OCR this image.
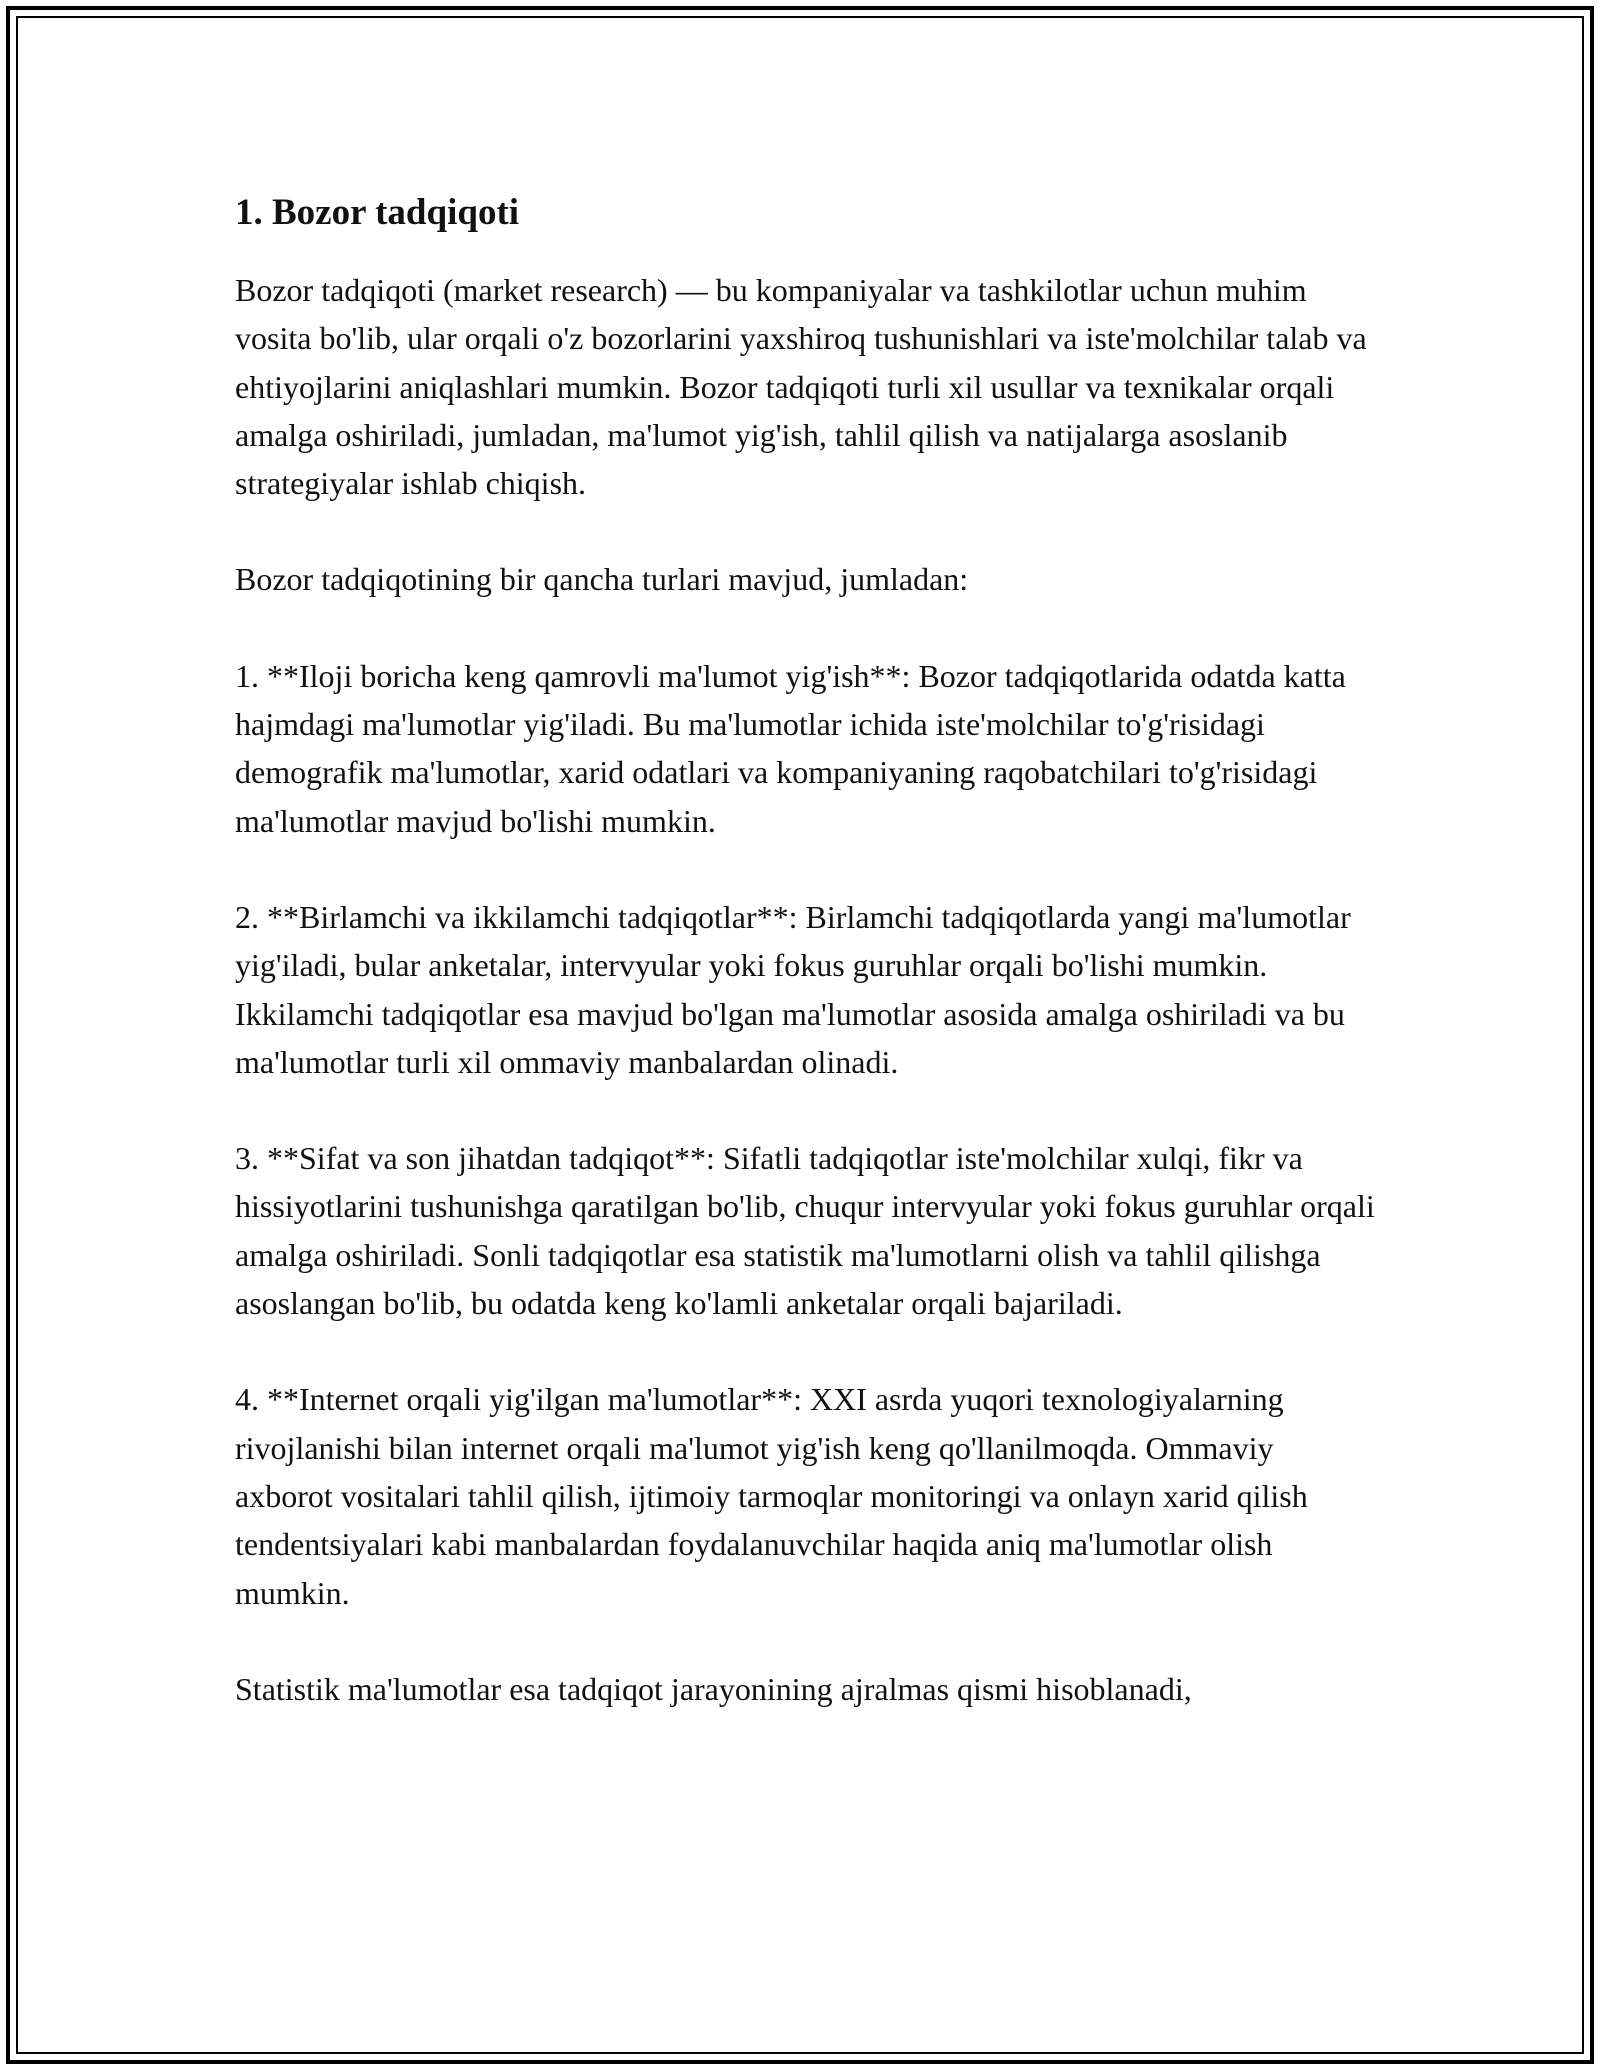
1. Bozor tadqiqoti

Bozor tadqiqoti (market research) — bu kompaniyalar va tashkilotlar uchun muhim vosita bo'lib, ular orqali o'z bozorlarini yaxshiroq tushunishlari va iste'molchilar talab va ehtiyojlarini aniqlashlari mumkin. Bozor tadqiqoti turli xil usullar va texnikalar orqali amalga oshiriladi, jumladan, ma'lumot yig'ish, tahlil qilish va natijalarga asoslanib strategiyalar ishlab chiqish.

Bozor tadqiqotining bir qancha turlari mavjud, jumladan:

1. **Iloji boricha keng qamrovli ma'lumot yig'ish**: Bozor tadqiqotlarida odatda katta hajmdagi ma'lumotlar yig'iladi. Bu ma'lumotlar ichida iste'molchilar to'g'risidagi demografik ma'lumotlar, xarid odatlari va kompaniyaning raqobatchilari to'g'risidagi ma'lumotlar mavjud bo'lishi mumkin.

2. **Birlamchi va ikkilamchi tadqiqotlar**: Birlamchi tadqiqotlarda yangi ma'lumotlar yig'iladi, bular anketalar, intervyular yoki fokus guruhlar orqali bo'lishi mumkin. Ikkilamchi tadqiqotlar esa mavjud bo'lgan ma'lumotlar asosida amalga oshiriladi va bu ma'lumotlar turli xil ommaviy manbalardan olinadi.

3. **Sifat va son jihatdan tadqiqot**: Sifatli tadqiqotlar iste'molchilar xulqi, fikr va hissiyotlarini tushunishga qaratilgan bo'lib, chuqur intervyular yoki fokus guruhlar orqali amalga oshiriladi. Sonli tadqiqotlar esa statistik ma'lumotlarni olish va tahlil qilishga asoslangan bo'lib, bu odatda keng ko'lamli anketalar orqali bajariladi.

4. **Internet orqali yig'ilgan ma'lumotlar**: XXI asrda yuqori texnologiyalarning rivojlanishi bilan internet orqali ma'lumot yig'ish keng qo'llanilmoqda. Ommaviy axborot vositalari tahlil qilish, ijtimoiy tarmoqlar monitoringi va onlayn xarid qilish tendentsiyalari kabi manbalardan foydalanuvchilar haqida aniq ma'lumotlar olish mumkin.

Statistik ma'lumotlar esa tadqiqot jarayonining ajralmas qismi hisoblanadi,
